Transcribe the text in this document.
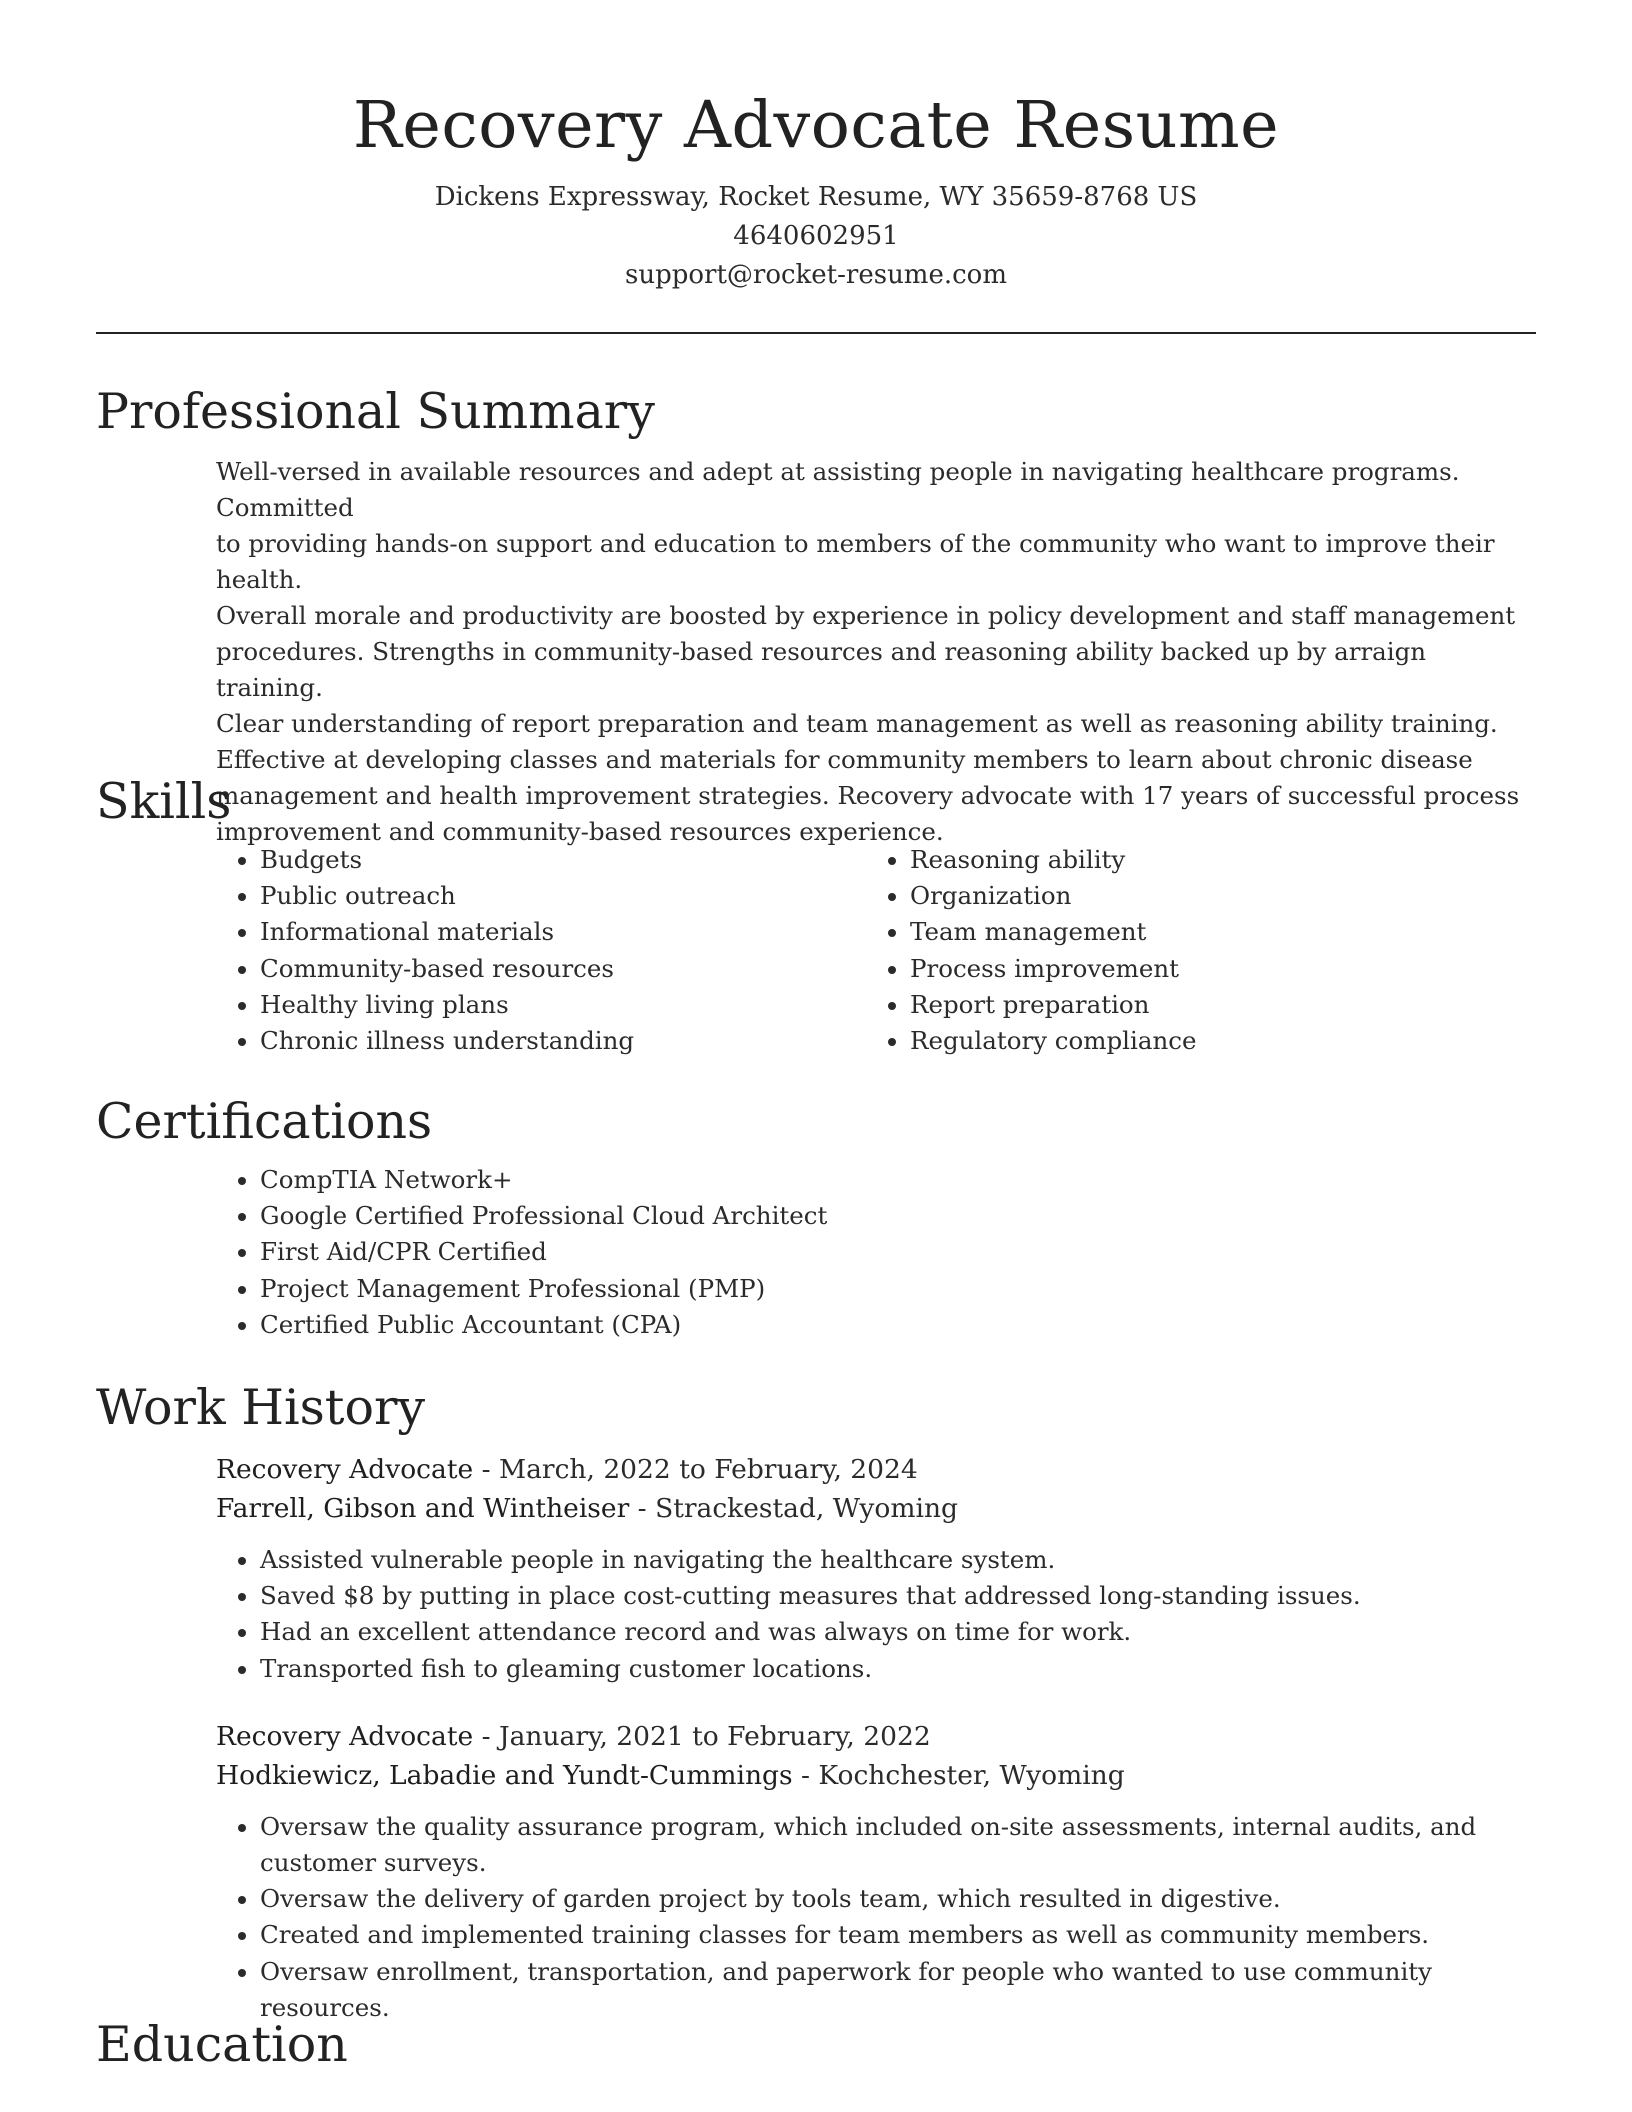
Recovery Advocate Resume
Dickens Expressway, Rocket Resume, WY 35659-8768 US
4640602951
support@rocket-resume.com
Professional Summary

Well-versed in available resources and adept at assisting people in navigating healthcare programs. Committed

to providing hands-on support and education to members of the community who want to improve their health.

Overall morale and productivity are boosted by experience in policy development and staff management

procedures. Strengths in community-based resources and reasoning ability backed up by arraign training.

Clear understanding of report preparation and team management as well as reasoning ability training.

Effective at developing classes and materials for community members to learn about chronic disease

management and health improvement strategies. Recovery advocate with 17 years of successful process

improvement and community-based resources experience.

Skills
• Budgets
• Public outreach
• Informational materials
• Community-based resources
• Healthy living plans
• Chronic illness understanding
• Reasoning ability
• Organization
• Team management
• Process improvement
• Report preparation
• Regulatory compliance
Certifications
• CompTIA Network+
• Google Certified Professional Cloud Architect
• First Aid/CPR Certified
• Project Management Professional (PMP)
• Certified Public Accountant (CPA)
Work History
Recovery Advocate - March, 2022 to February, 2024
Farrell, Gibson and Wintheiser - Strackestad, Wyoming
• Assisted vulnerable people in navigating the healthcare system.
• Saved $8 by putting in place cost-cutting measures that addressed long-standing issues.
• Had an excellent attendance record and was always on time for work.
• Transported fish to gleaming customer locations.
Recovery Advocate - January, 2021 to February, 2022
Hodkiewicz, Labadie and Yundt-Cummings - Kochchester, Wyoming
• Oversaw the quality assurance program, which included on-site assessments, internal audits, and customer surveys.
• Oversaw the delivery of garden project by tools team, which resulted in digestive.
• Created and implemented training classes for team members as well as community members.
• Oversaw enrollment, transportation, and paperwork for people who wanted to use community resources.
Education
